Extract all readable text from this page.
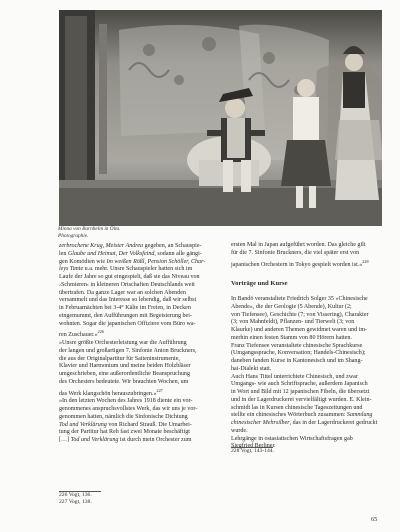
Minna von Barnhelm in Ōita.
Photographie.

zerbrochene Krug, Meister Andrea gegeben, an Schauspie-
len Glaube und Heimat, Der Volksfeind, sodann alle gängi-
gen Komödien wie Im weißen Rößl, Pension Schöller, Char-
leys Tante u.a. mehr. Unsre Schauspieler hatten sich im
Laufe der Jahre so gut eingespielt, daß sie das Niveau von
›Schmieren‹ in kleineren Ortschaften Deutschlands weit
übertrafen. Da ganze Lager war an solchen Abenden
versammelt und das Interesse so lebendig, daß wir selbst
in Februarnächten bei 3-4° Kälte im Freien, in Decken
eingemummt, den Aufführungen mit Begeisterung bei-
wohnten. Sogar die japanischen Offiziere vom Büro wa-
ren Zuschauer.«$^{226}$

»Unsre größte Orchesterleistung war die Aufführung
der langen und großartigen 7. Sinfonie Anton Bruckners,
die aus der Originalpartitur für Saiteninstrumente,
Klavier und Harmonium und meine beiden Holzbläser
umgeschrieben, eine außerordentliche Beanspruchung
des Orchesters bedeutete. Wir brauchten Wochen, um
das Werk klangschön herauszubringen.«$^{227}$

»In den letzten Wochen des Jahres 1918 diente ein vor-
genommenes anspruchsvollstes Werk, das wir uns je vor-
genommen hatten, nämlich die Sinfonische Dichtung
Tod und Verklärung von Richard Strauß. Die Umarbei-
tung der Partitur hat Reh fast zwei Monate beschäftigt
[…] Tod und Verklärung ist durch mein Orchester zum

226 Vogt, 136.
227 Vogt, 138.

ersten Mal in Japan aufgeführt worden. Das gleiche gilt
für die 7. Sinfonie Bruckners, die viel später erst von
japanischen Orchestern in Tokyo gespielt worden ist.«$^{228}$

Vorträge und Kurse

In Bandō veranstaltete Friedrich Solger 35 »Chinesische
Abende«, die der Geologie (5 Abende), Kultur (2;
von Tiefensee), Geschichte (7; von Vissering), Charakter
(3; von Mahnfeldt), Pflanzen- und Tierwelt (3; von
Klaurke) und anderen Themen gewidmet waren und im-
merhin einen festen Stamm von 80 Hörern hatten.

Franz Tiefensee veranstaltete chinesische Sprachkurse
(Umgangssprache, Konversation; Handels-Chinesisch);
daneben fanden Kurse in Kantonesisch und im Shang-
hai-Dialekt statt.

Auch Hans Tittel unterrichtete Chinesisch, und zwar
Umgangs- wie auch Schriftsprache, außerdem Japanisch
in Wort und Bild mit 12 japanischen Fibeln, die übersetzt
und in der Lagerdruckerei vervielfältigt wurden. E. Klein-
schmidt las in Kursen chinesische Tageszeitungen und
stellte ein chinesisches Wörterbuch zusammen: Sammlung
chinesischer Mehrsilber, das in der Lagerdruckerei gedruckt
wurde.

Lehrgänge in ostasiatischen Wirtschaftsfragen gab
Siegfried Berliner.

228 Vogt, 143-144.
65
